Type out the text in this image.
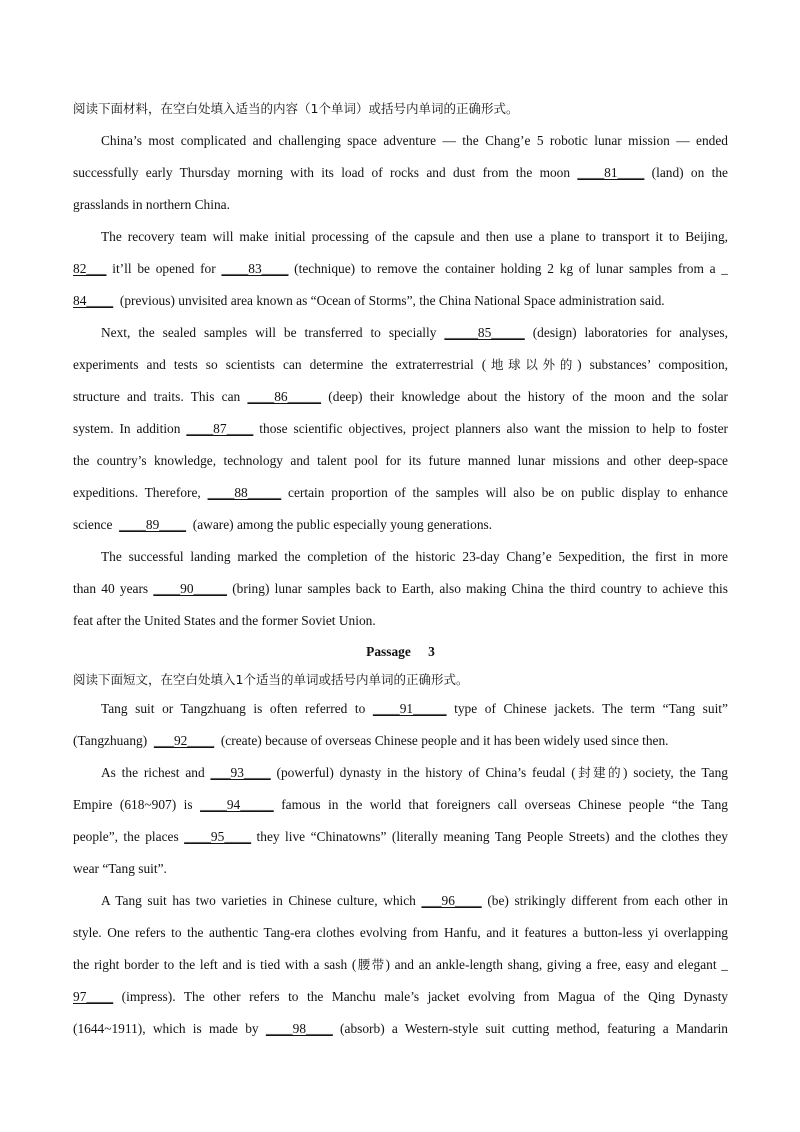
阅读下面材料，在空白处填入适当的内容（1个单词）或括号内单词的正确形式。
China’s most complicated and challenging space adventure — the Chang’e 5 robotic lunar mission — ended
successfully early Thursday morning with its load of rocks and dust from the moon ____81____ (land) on the
grasslands in northern China.
The recovery team will make initial processing of the capsule and then use a plane to transport it to Beijing,
82___ it’ll be opened for ____83____ (technique) to remove the container holding 2 kg of lunar samples from a _
84____ (previous) unvisited area known as “Ocean of Storms”, the China National Space administration said.
Next, the sealed samples will be transferred to specially _____85_____ (design) laboratories for analyses,
experiments and tests so scientists can determine the extraterrestrial (地球以外的) substances’ composition,
structure and traits. This can ____86_____ (deep) their knowledge about the history of the moon and the solar
system. In addition ____87____ those scientific objectives, project planners also want the mission to help to foster
the country’s knowledge, technology and talent pool for its future manned lunar missions and other deep-space
expeditions. Therefore, ____88_____ certain proportion of the samples will also be on public display to enhance
science ____89____ (aware) among the public especially young generations.
The successful landing marked the completion of the historic 23-day Chang’e 5expedition, the first in more
than 40 years ____90_____ (bring) lunar samples back to Earth, also making China the third country to achieve this
feat after the United States and the former Soviet Union.
Passage 3
阅读下面短文，在空白处填入1个适当的单词或括号内单词的正确形式。
Tang suit or Tangzhuang is often referred to ____91_____ type of Chinese jackets. The term “Tang suit”
(Tangzhuang) ___92____ (create) because of overseas Chinese people and it has been widely used since then.
As the richest and ___93____ (powerful) dynasty in the history of China’s feudal (封建的) society, the Tang
Empire (618~907) is ____94_____ famous in the world that foreigners call overseas Chinese people “the Tang
people”, the places ____95____ they live “Chinatowns” (literally meaning Tang People Streets) and the clothes they
wear “Tang suit”.
A Tang suit has two varieties in Chinese culture, which ___96____ (be) strikingly different from each other in
style. One refers to the authentic Tang-era clothes evolving from Hanfu, and it features a button-less yi overlapping
the right border to the left and is tied with a sash (腰带) and an ankle-length shang, giving a free, easy and elegant _
97____ (impress). The other refers to the Manchu male’s jacket evolving from Magua of the Qing Dynasty
(1644~1911), which is made by ____98____ (absorb) a Western-style suit cutting method, featuring a Mandarin
